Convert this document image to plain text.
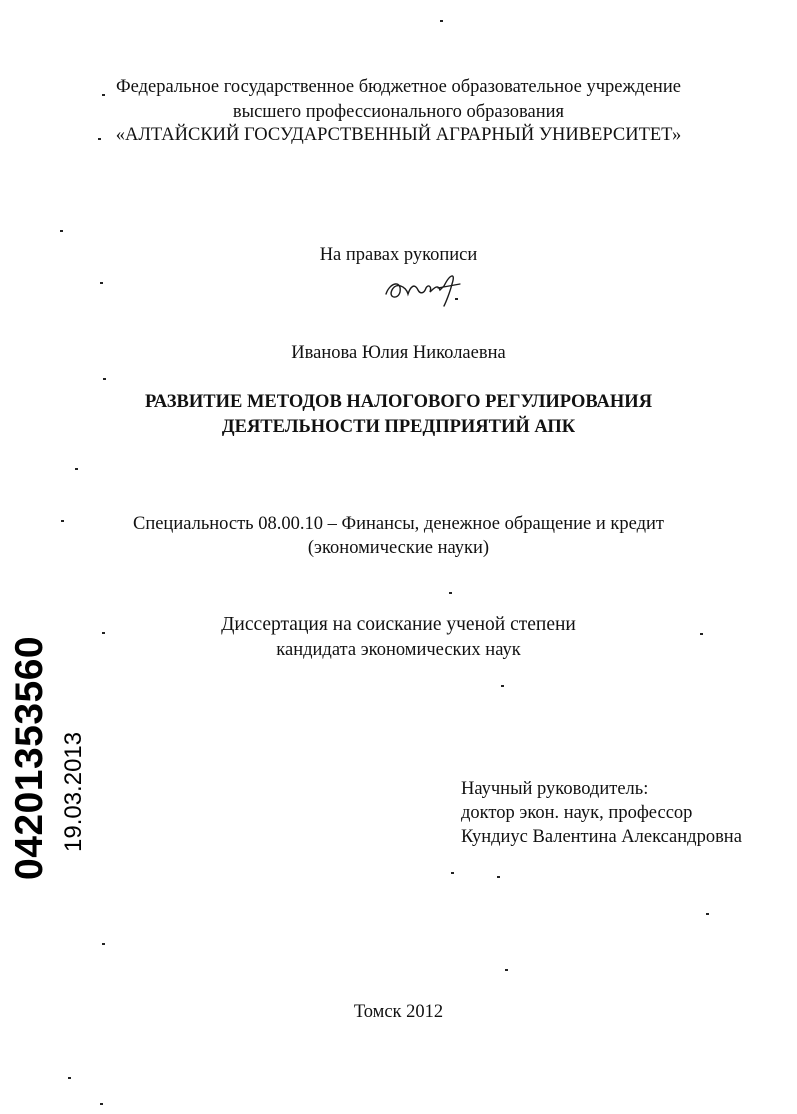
Федеральное государственное бюджетное образовательное учреждение
высшего профессионального образования
«АЛТАЙСКИЙ ГОСУДАРСТВЕННЫЙ АГРАРНЫЙ УНИВЕРСИТЕТ»
На правах рукописи
Иванова Юлия Николаевна
РАЗВИТИЕ МЕТОДОВ НАЛОГОВОГО РЕГУЛИРОВАНИЯ
ДЕЯТЕЛЬНОСТИ ПРЕДПРИЯТИЙ АПК
Специальность 08.00.10 – Финансы, денежное обращение и кредит
(экономические науки)
Диссертация на соискание ученой степени
кандидата экономических наук
Научный руководитель:
доктор экон. наук, профессор
Кундиус Валентина Александровна
Томск 2012
04201353560 19.03.2013
